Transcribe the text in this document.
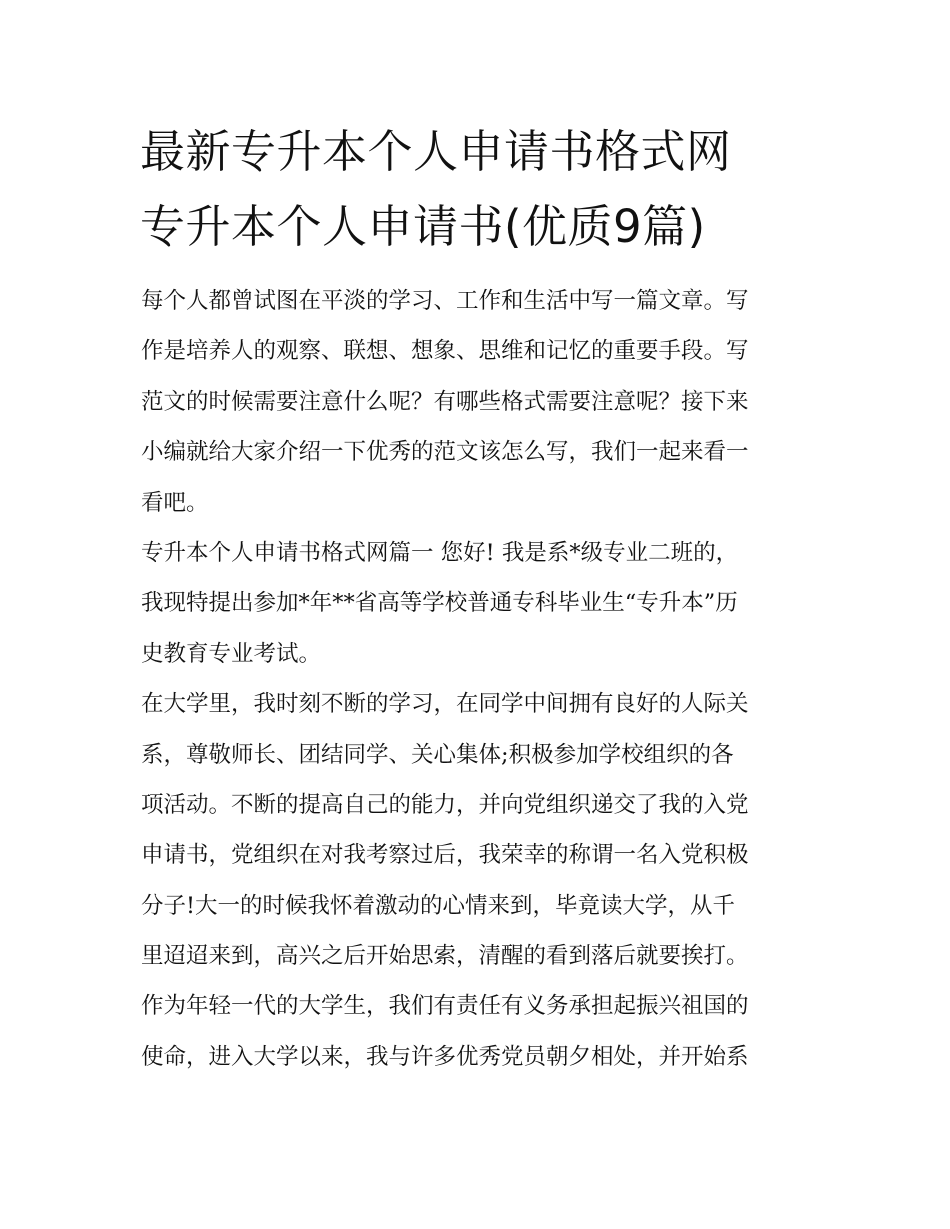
最新专升本个人申请书格式网
专升本个人申请书(优质9篇)
每个人都曾试图在平淡的学习、工作和生活中写一篇文章。写
作是培养人的观察、联想、想象、思维和记忆的重要手段。写
范文的时候需要注意什么呢？有哪些格式需要注意呢？接下来
小编就给大家介绍一下优秀的范文该怎么写，我们一起来看一
看吧。
专升本个人申请书格式网篇一 您好! 我是系*级专业二班的，
我现特提出参加*年**省高等学校普通专科毕业生“专升本”历
史教育专业考试。
在大学里，我时刻不断的学习，在同学中间拥有良好的人际关
系，尊敬师长、团结同学、关心集体;积极参加学校组织的各
项活动。不断的提高自己的能力，并向党组织递交了我的入党
申请书，党组织在对我考察过后，我荣幸的称谓一名入党积极
分子!大一的时候我怀着激动的心情来到，毕竟读大学，从千
里迢迢来到，高兴之后开始思索，清醒的看到落后就要挨打。
作为年轻一代的大学生，我们有责任有义务承担起振兴祖国的
使命，进入大学以来，我与许多优秀党员朝夕相处，并开始系
